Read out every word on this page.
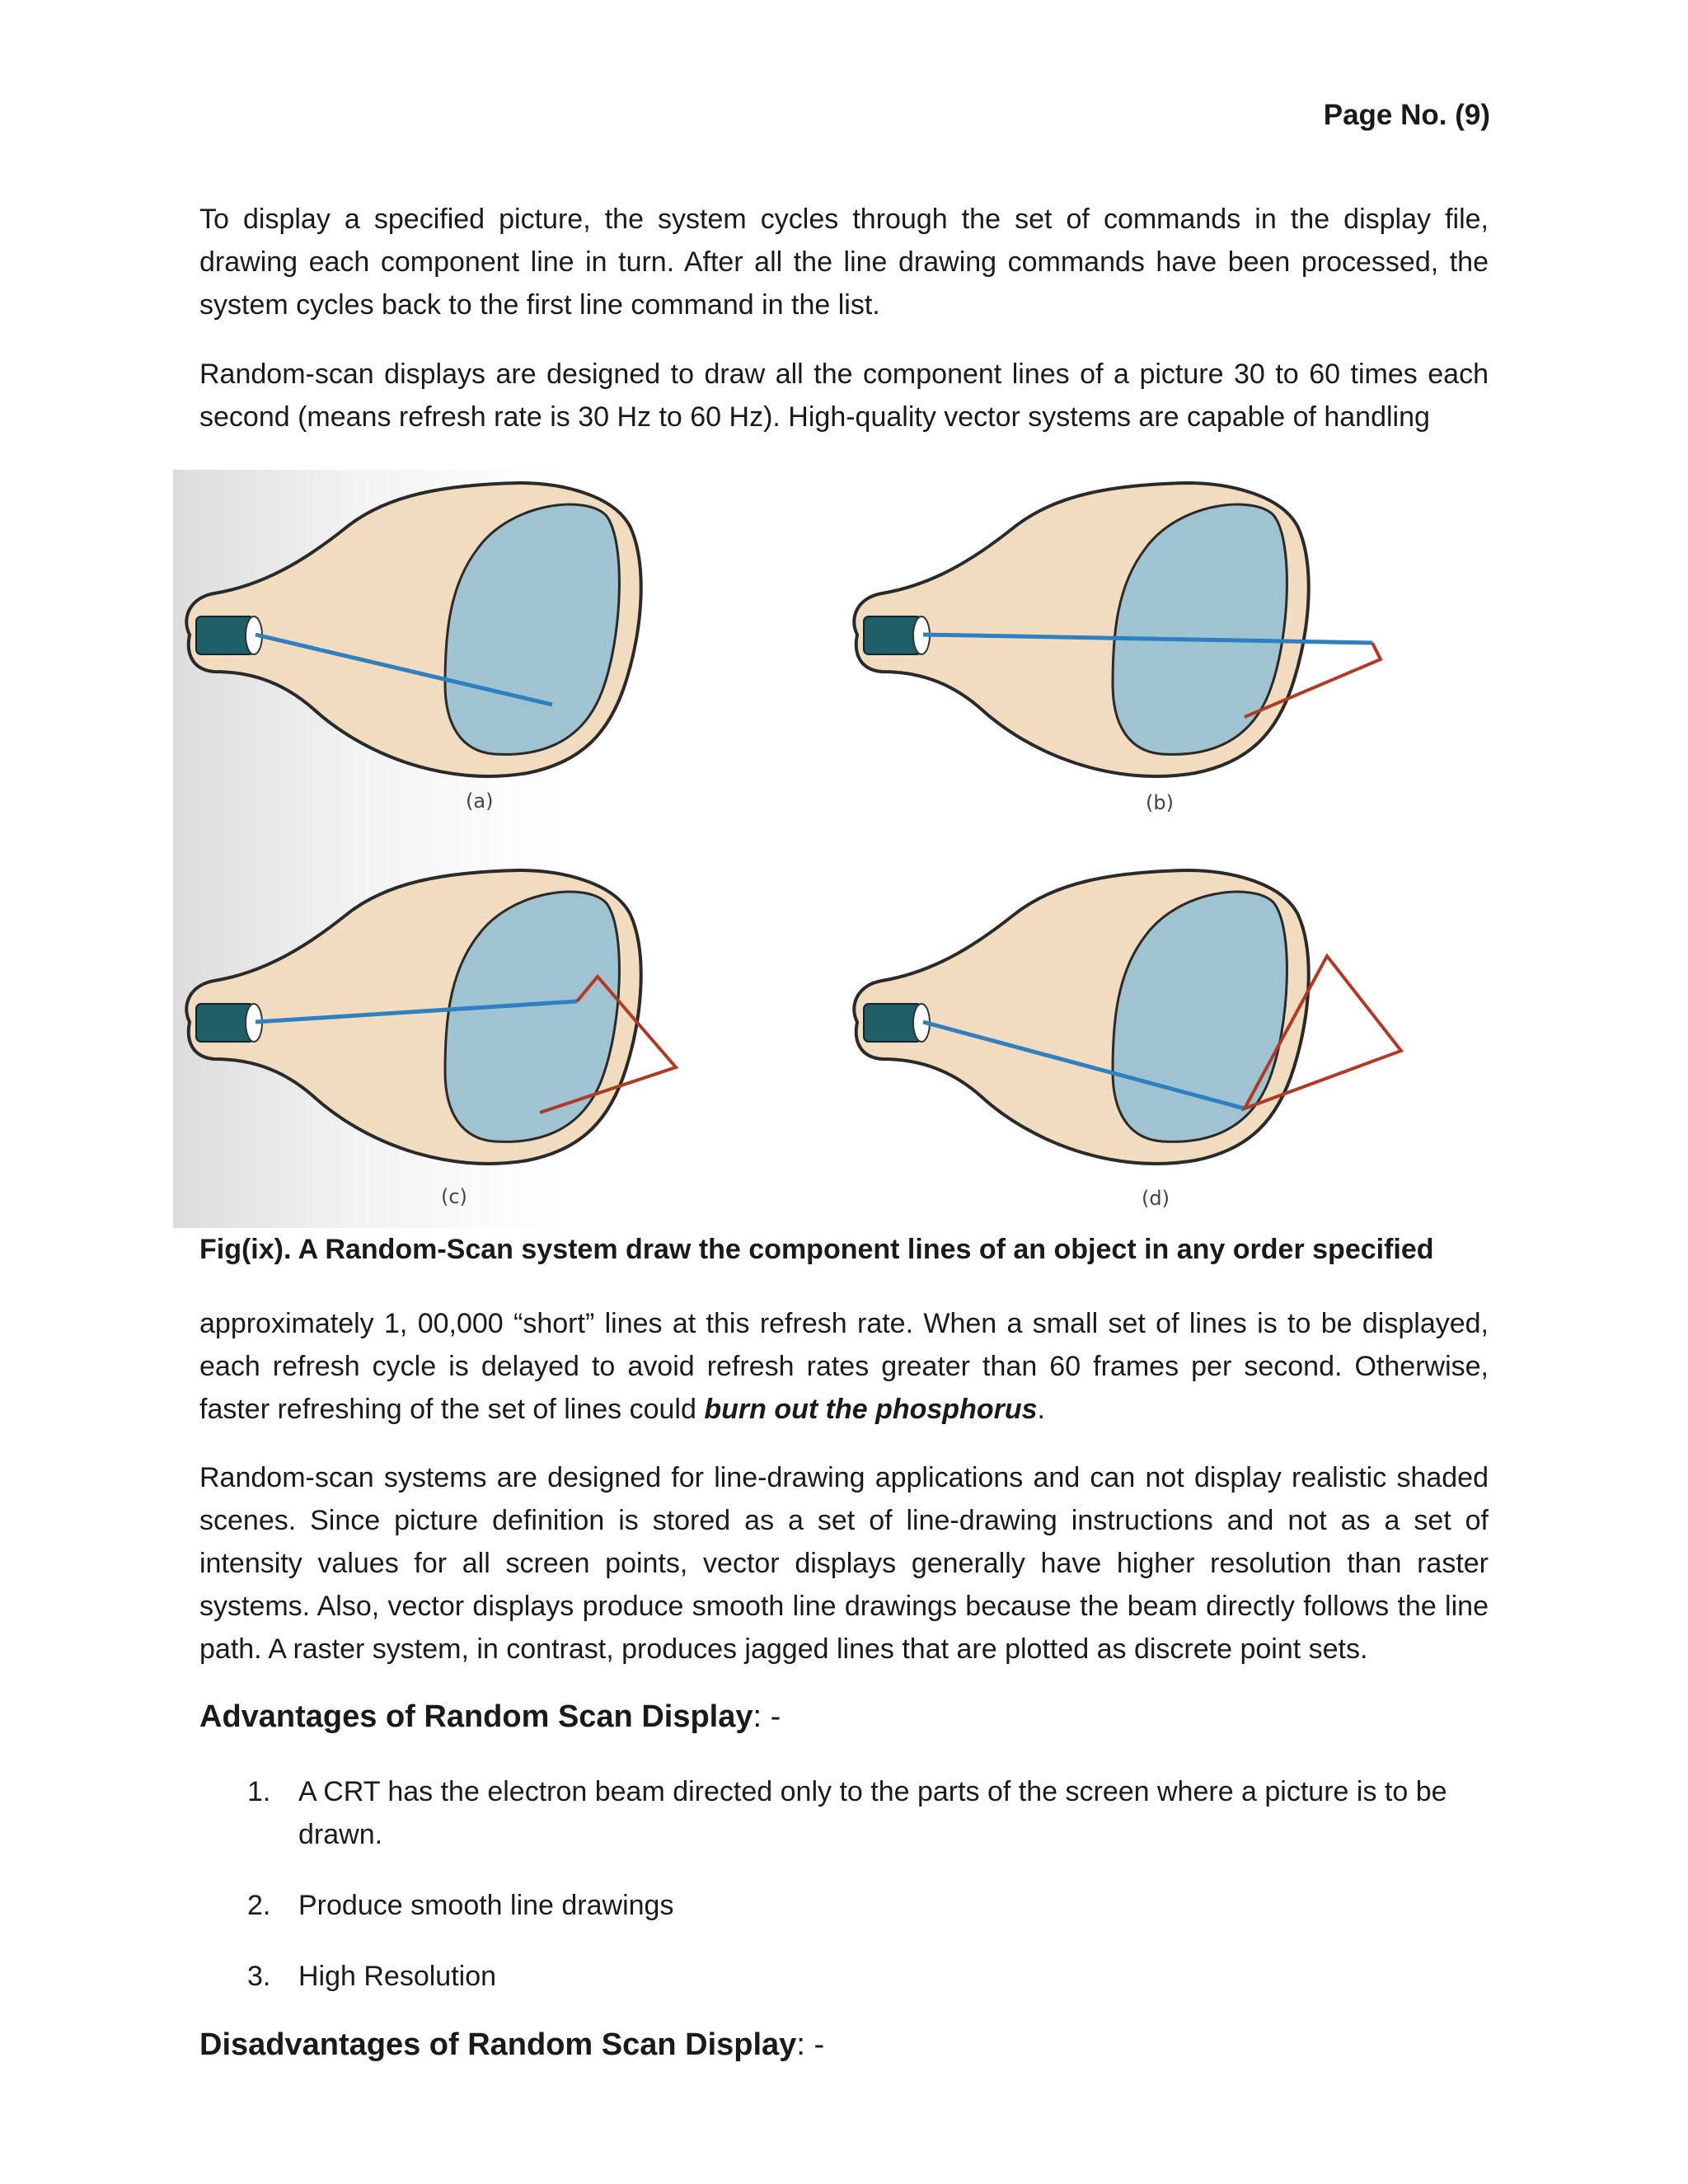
Page No. (9)

To display a specified picture, the system cycles through the set of commands in the display file, drawing each component line in turn. After all the line drawing commands have been processed, the system cycles back to the first line command in the list.

Random-scan displays are designed to draw all the component lines of a picture 30 to 60 times each second (means refresh rate is 30 Hz to 60 Hz). High-quality vector systems are capable of handling

(a)	(b)
(c)	(d)

Fig(ix). A Random-Scan system draw the component lines of an object in any order specified

approximately 1, 00,000 “short” lines at this refresh rate. When a small set of lines is to be displayed, each refresh cycle is delayed to avoid refresh rates greater than 60 frames per second. Otherwise, faster refreshing of the set of lines could burn out the phosphorus.

Random-scan systems are designed for line-drawing applications and can not display realistic shaded scenes. Since picture definition is stored as a set of line-drawing instructions and not as a set of intensity values for all screen points, vector displays generally have higher resolution than raster systems. Also, vector displays produce smooth line drawings because the beam directly follows the line path. A raster system, in contrast, produces jagged lines that are plotted as discrete point sets.

Advantages of Random Scan Display: -
1. A CRT has the electron beam directed only to the parts of the screen where a picture is to be drawn.
2. Produce smooth line drawings
3. High Resolution
Disadvantages of Random Scan Display: -
